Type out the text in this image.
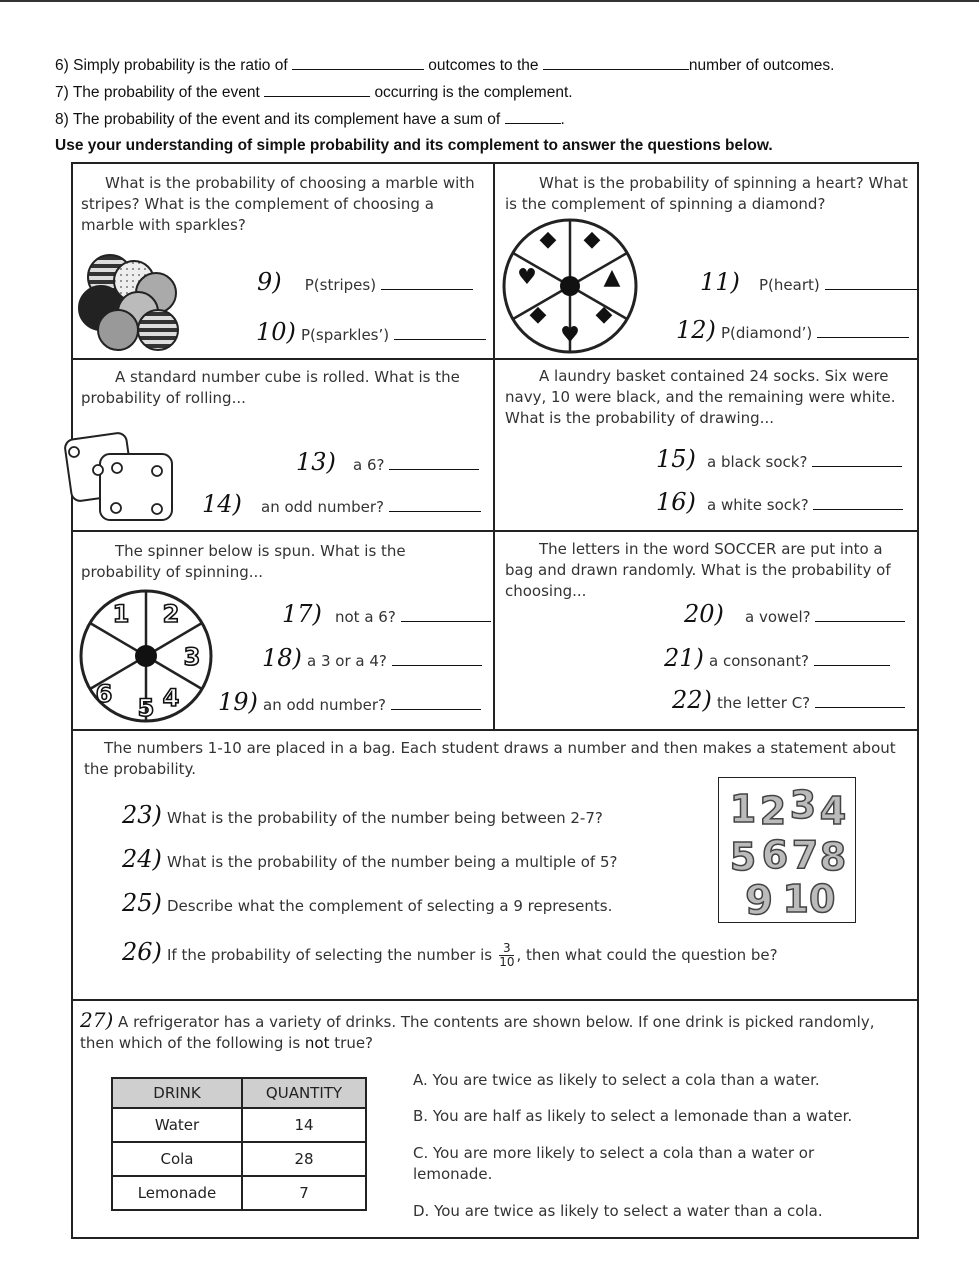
6) Simply probability is the ratio of	outcomes to the	number of outcomes.
7) The probability of the event	occurring is the complement.
8) The probability of the event and its complement have a sum of	.
Use your understanding of simple probability and its complement to answer the questions below.
What is the probability of choosing a marble with stripes? What is the complement of choosing a marble with sparkles?
9) P(stripes)
10) P(sparkles’)
What is the probability of spinning a heart? What is the complement of spinning a diamond?
◆ ◆
▲
♥
◆ ◆
♥
11) P(heart)
12) P(diamond’)
A standard number cube is rolled. What is the probability of rolling...
13) a 6?
14) an odd number?
A laundry basket contained 24 socks. Six were navy, 10 were black, and the remaining were white. What is the probability of drawing...
15) a black sock?
16) a white sock?
The spinner below is spun. What is the probability of spinning...
1 2
3
4
5
6
17) not a 6?
18) a 3 or a 4?
19) an odd number?
The letters in the word SOCCER are put into a bag and drawn randomly. What is the probability of choosing...
20) a vowel?
21) a consonant?
22) the letter C?
The numbers 1-10 are placed in a bag. Each student draws a number and then makes a statement about the probability.
23) What is the probability of the number being between 2-7?
24) What is the probability of the number being a multiple of 5?
25) Describe what the complement of selecting a 9 represents.
26) If the probability of selecting the number is $\frac{3}{10}$ , then what could the question be?
1 2 3 4
5 6 7 8
9 10
27) A refrigerator has a variety of drinks. The contents are shown below. If one drink is picked randomly, then which of the following is not true?
DRINK	QUANTITY
Water	14
Cola	28
Lemonade	7
A. You are twice as likely to select a cola than a water.
B. You are half as likely to select a lemonade than a water.
C. You are more likely to select a cola than a water or lemonade.
D. You are twice as likely to select a water than a cola.
